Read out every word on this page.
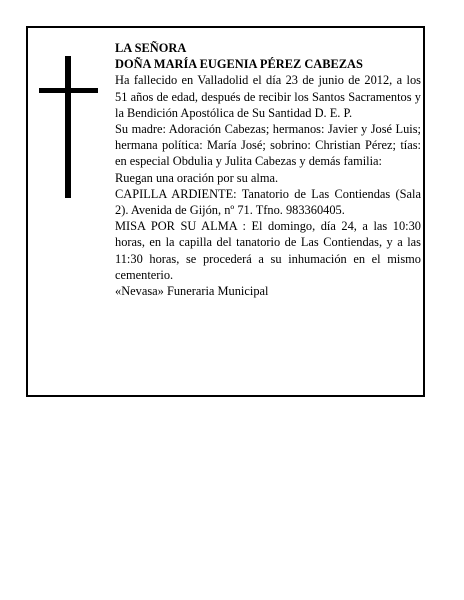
LA SEÑORA

DOÑA MARÍA EUGENIA PÉREZ CABEZAS

Ha fallecido en Valladolid el día 23 de junio de 2012, a los 51 años de edad, después de recibir los Santos Sacramentos y la Bendición Apostólica de Su Santidad D. E. P.

Su madre: Adoración Cabezas; hermanos: Javier y José Luis; hermana política: María José; sobrino: Christian Pérez; tías: en especial Obdulia y Julita Cabezas y demás familia:

Ruegan una oración por su alma.

CAPILLA ARDIENTE: Tanatorio de Las Contiendas (Sala 2). Avenida de Gijón, nº 71. Tfno. 983360405.

MISA POR SU ALMA : El domingo, día 24, a las 10:30 horas, en la capilla del tanatorio de Las Contiendas, y a las 11:30 horas, se procederá a su inhumación en el mismo cementerio.

«Nevasa» Funeraria Municipal
